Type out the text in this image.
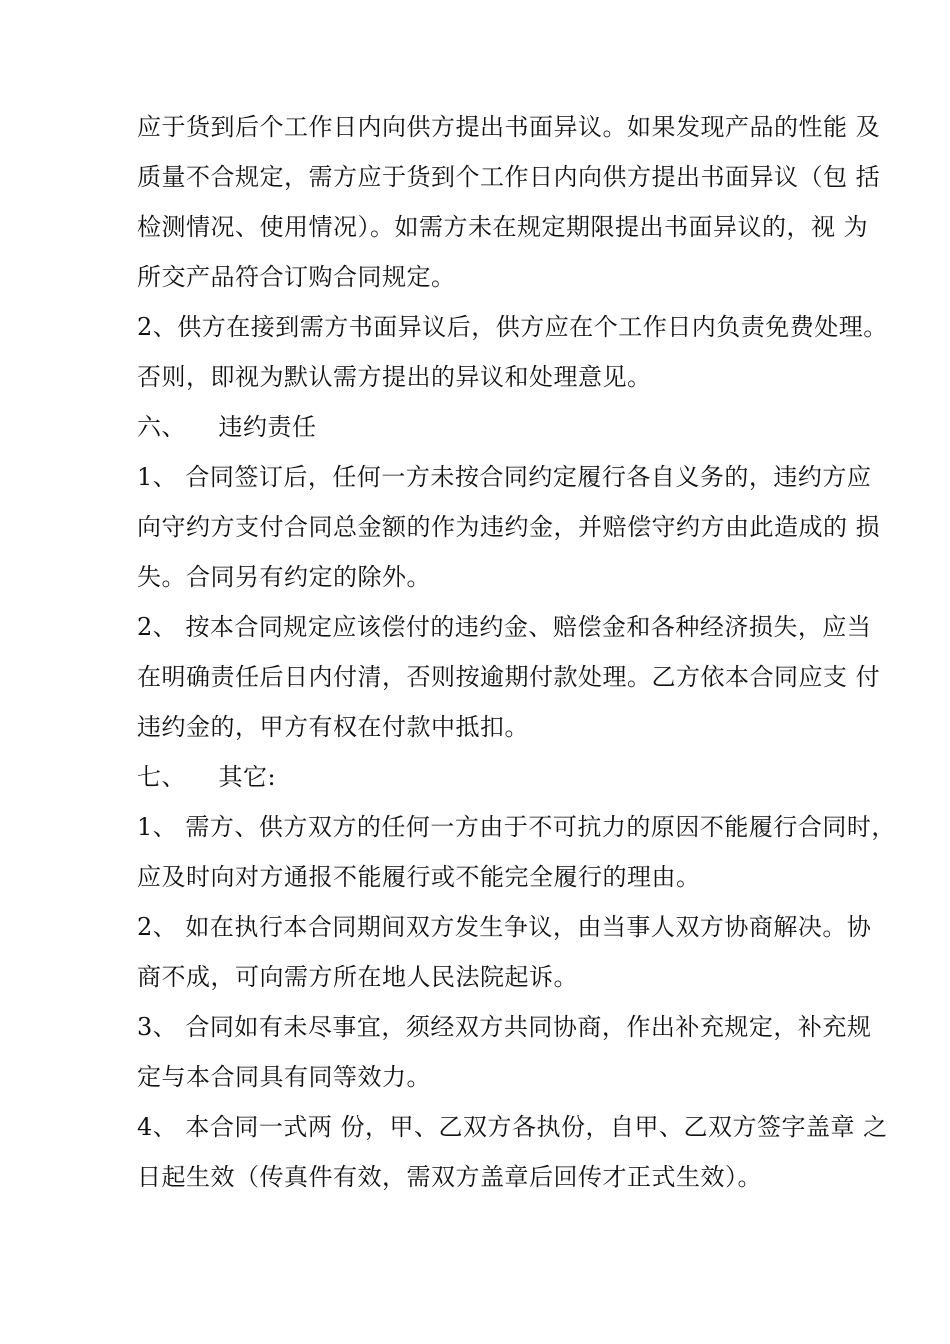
应于货到后个工作日内向供方提出书面异议。如果发现产品的性能 及
质量不合规定，需方应于货到个工作日内向供方提出书面异议（包 括
检测情况、使用情况）。如需方未在规定期限提出书面异议的，视 为
所交产品符合订购合同规定。
2、供方在接到需方书面异议后，供方应在个工作日内负责免费处理。
否则，即视为默认需方提出的异议和处理意见。
六、    违约责任
1、 合同签订后，任何一方未按合同约定履行各自义务的，违约方应
向守约方支付合同总金额的作为违约金，并赔偿守约方由此造成的 损
失。合同另有约定的除外。
2、 按本合同规定应该偿付的违约金、赔偿金和各种经济损失，应当
在明确责任后日内付清，否则按逾期付款处理。乙方依本合同应支 付
违约金的，甲方有权在付款中抵扣。
七、    其它:
1、 需方、供方双方的任何一方由于不可抗力的原因不能履行合同时，
应及时向对方通报不能履行或不能完全履行的理由。
2、 如在执行本合同期间双方发生争议，由当事人双方协商解决。协
商不成，可向需方所在地人民法院起诉。
3、 合同如有未尽事宜，须经双方共同协商，作出补充规定，补充规
定与本合同具有同等效力。
4、 本合同一式两 份，甲、乙双方各执份，自甲、乙双方签字盖章 之
日起生效（传真件有效，需双方盖章后回传才正式生效）。
